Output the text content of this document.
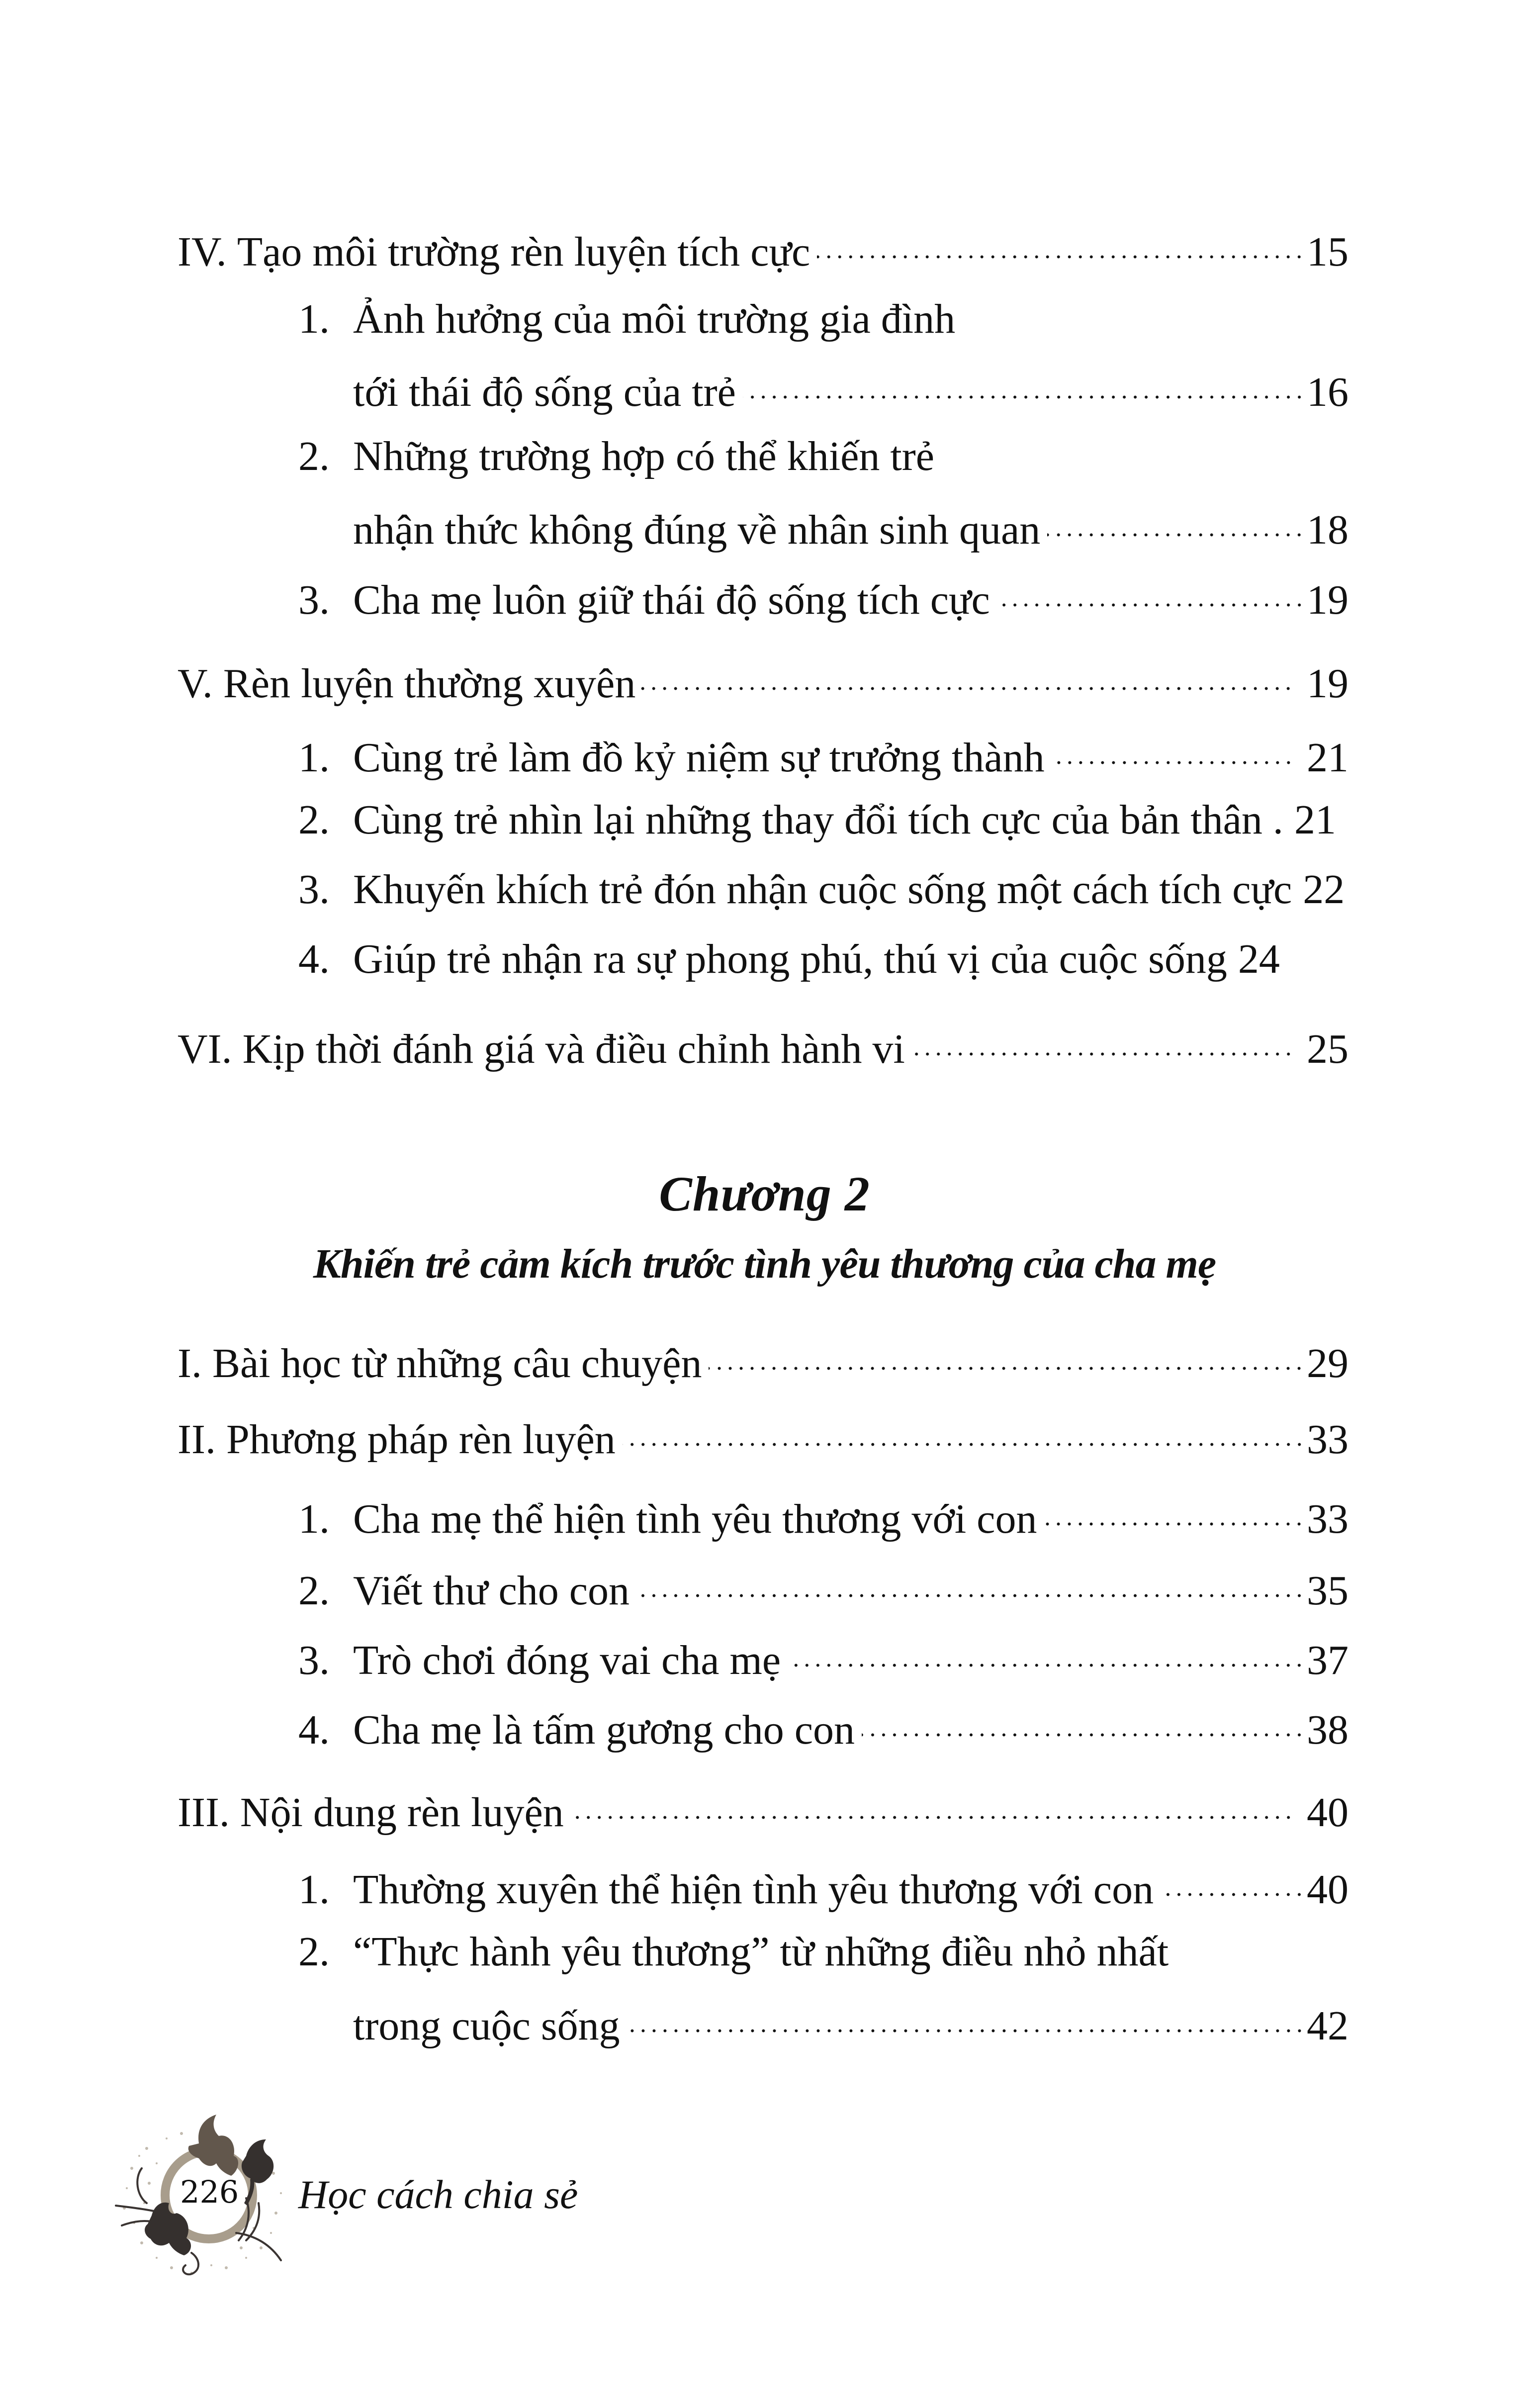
IV. Tạo môi trường rèn luyện tích cực	15
1. Ảnh hưởng của môi trường gia đình
tới thái độ sống của trẻ	16
2. Những trường hợp có thể khiến trẻ
nhận thức không đúng về nhân sinh quan	18
3. Cha mẹ luôn giữ thái độ sống tích cực	19
V. Rèn luyện thường xuyên	19
1. Cùng trẻ làm đồ kỷ niệm sự trưởng thành	21
2. Cùng trẻ nhìn lại những thay đổi tích cực của bản thân . 21
3. Khuyến khích trẻ đón nhận cuộc sống một cách tích cực 22
4. Giúp trẻ nhận ra sự phong phú, thú vị của cuộc sống 24
VI. Kịp thời đánh giá và điều chỉnh hành vi	25
Chương 2
Khiến trẻ cảm kích trước tình yêu thương của cha mẹ
I. Bài học từ những câu chuyện	29
II. Phương pháp rèn luyện	33
1. Cha mẹ thể hiện tình yêu thương với con	33
2. Viết thư cho con	35
3. Trò chơi đóng vai cha mẹ	37
4. Cha mẹ là tấm gương cho con	38
III. Nội dung rèn luyện	40
1. Thường xuyên thể hiện tình yêu thương với con	40
2. “Thực hành yêu thương” từ những điều nhỏ nhất
trong cuộc sống	42
226 Học cách chia sẻ
